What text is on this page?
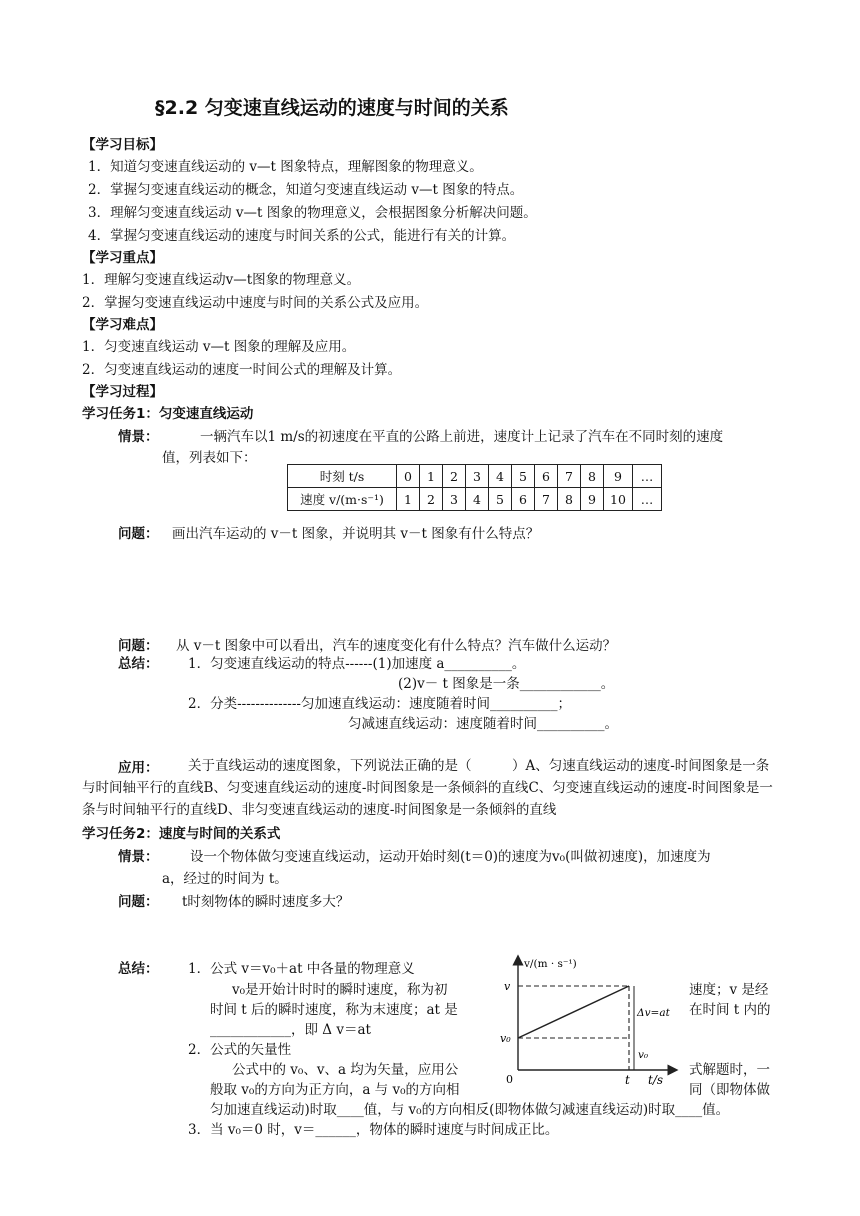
§2.2 匀变速直线运动的速度与时间的关系
【学习目标】
1．知道匀变速直线运动的 v—t 图象特点，理解图象的物理意义。
2．掌握匀变速直线运动的概念，知道匀变速直线运动 v—t 图象的特点。
3．理解匀变速直线运动 v—t 图象的物理意义，会根据图象分析解决问题。
4．掌握匀变速直线运动的速度与时间关系的公式，能进行有关的计算。
【学习重点】
1．理解匀变速直线运动v—t图象的物理意义。
2．掌握匀变速直线运动中速度与时间的关系公式及应用。
【学习难点】
1．匀变速直线运动 v—t 图象的理解及应用。
2．匀变速直线运动的速度一时间公式的理解及计算。
【学习过程】
学习任务1：匀变速直线运动
情景：	一辆汽车以1 m/s的初速度在平直的公路上前进，速度计上记录了汽车在不同时刻的速度
值，列表如下：
时刻 t/s	0	1	2	3	4	5	6	7	8	9	…
速度 v/(m·s⁻¹)	1	2	3	4	5	6	7	8	9	10	…
问题： 画出汽车运动的 v－t 图象，并说明其 v－t 图象有什么特点？
问题： 从 v－t 图象中可以看出，汽车的速度变化有什么特点？汽车做什么运动？
总结： 1．匀变速直线运动的特点------(1)加速度 a__________。
(2)v－ t 图象是一条____________。
2．分类--------------匀加速直线运动：速度随着时间__________；
匀减速直线运动：速度随着时间__________。
应用：	关于直线运动的速度图象，下列说法正确的是（　　　）A、匀速直线运动的速度-时间图象是一条与时间轴平行的直线B、匀变速直线运动的速度-时间图象是一条倾斜的直线C、匀变速直线运动的速度-时间图象是一条与时间轴平行的直线D、非匀变速直线运动的速度-时间图象是一条倾斜的直线
学习任务2：速度与时间的关系式
情景： 设一个物体做匀变速直线运动，运动开始时刻(t＝0)的速度为v₀(叫做初速度)，加速度为
a，经过的时间为 t。
问题： t时刻物体的瞬时速度多大？
总结： 1．公式 v＝v₀＋at 中各量的物理意义
v₀是开始计时时的瞬时速度，称为初	速度；v 是经
时间 t 后的瞬时速度，称为末速度；at 是	在时间 t 内的
____________，即 Δ v＝at
2．公式的矢量性
公式中的 v₀、v、a 均为矢量，应用公	式解题时，一
般取 v₀的方向为正方向，a 与 v₀的方向相	同（即物体做
匀加速直线运动)时取____值，与 v₀的方向相反(即物体做匀减速直线运动)时取____值。
3．当 v₀＝0 时，v＝______，物体的瞬时速度与时间成正比。
v/(m · s⁻¹)
t/s
v
v₀
0	t
Δv=at
v₀
